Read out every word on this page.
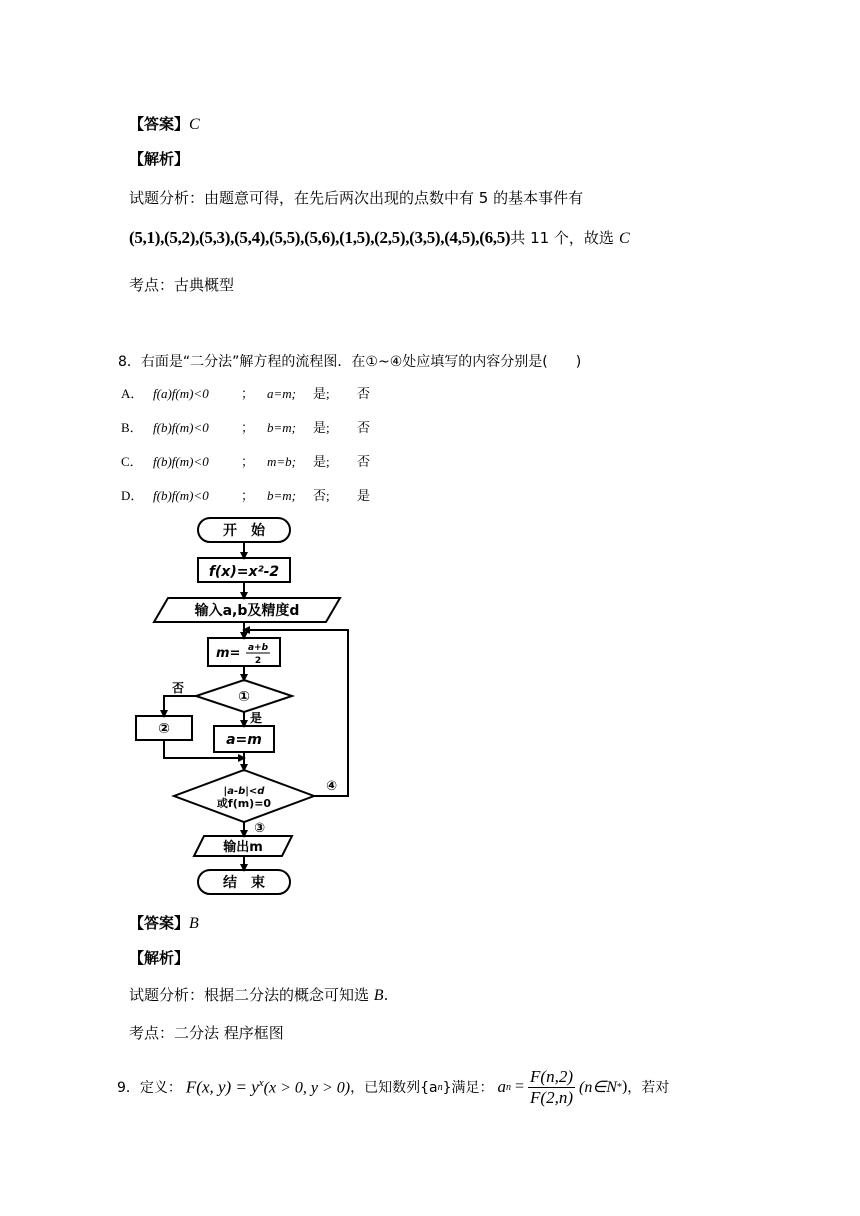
【答案】C
【解析】
试题分析：由题意可得，在先后两次出现的点数中有 5 的基本事件有
(5,1),(5,2),(5,3),(5,4),(5,5),(5,6),(1,5),(2,5),(3,5),(4,5),(6,5)共 11 个，故选 C
考点：古典概型
8．右面是“二分法”解方程的流程图．在①~④处应填写的内容分别是(　　)
A． f(a)f(m)<0 ； a=m; 是; 否
B． f(b)f(m)<0 ； b=m; 是; 否
C． f(b)f(m)<0 ； m=b; 是; 否
D． f(b)f(m)<0 ； b=m; 否; 是
开　始
f(x)=x²-2
输入a,b及精度d
m= a+b
2
①
否
是
②
a=m
|a-b|<d
或f(m)=0
③
④
输出m
结　束
【答案】B
【解析】
试题分析：根据二分法的概念可知选 B.
考点：二分法 程序框图
9．定义： F(x, $y) = y^x(x > 0$, y > 0) ，已知数列{a n }满足： a $n = \frac{F(n,2)}{F(2,n)}$ (n∈N * ) ，若对
